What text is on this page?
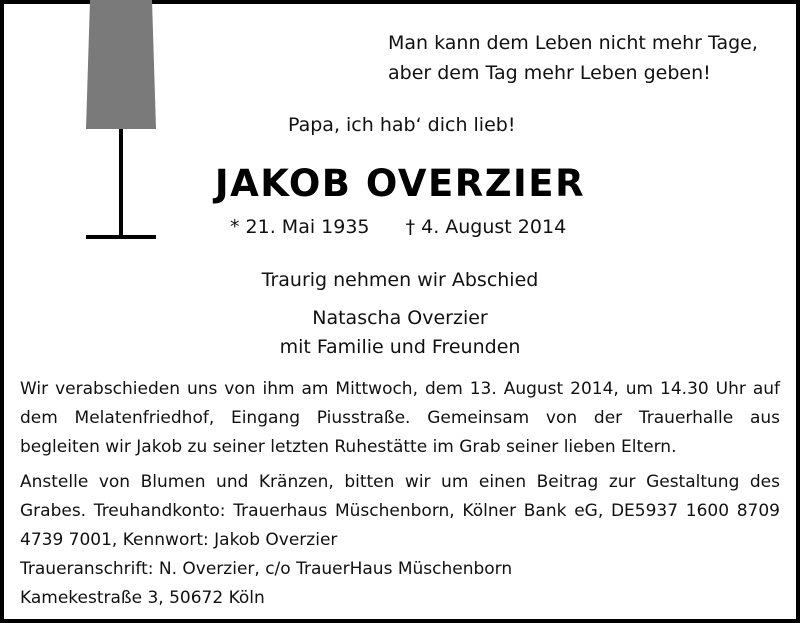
Man kann dem Leben nicht mehr Tage,
aber dem Tag mehr Leben geben!
Papa, ich hab‘ dich lieb!
JAKOB OVERZIER
* 21. Mai 1935 † 4. August 2014
Traurig nehmen wir Abschied
Natascha Overzier
mit Familie und Freunden
Wir verabschieden uns von ihm am Mittwoch, dem 13. August 2014, um 14.30 Uhr auf
dem Melatenfriedhof, Eingang Piusstraße. Gemeinsam von der Trauerhalle aus
begleiten wir Jakob zu seiner letzten Ruhestätte im Grab seiner lieben Eltern.
Anstelle von Blumen und Kränzen, bitten wir um einen Beitrag zur Gestaltung des
Grabes. Treuhandkonto: Trauerhaus Müschenborn, Kölner Bank eG, DE5937 1600 8709
4739 7001, Kennwort: Jakob Overzier
Traueranschrift: N. Overzier, c/o TrauerHaus Müschenborn
Kamekestraße 3, 50672 Köln
